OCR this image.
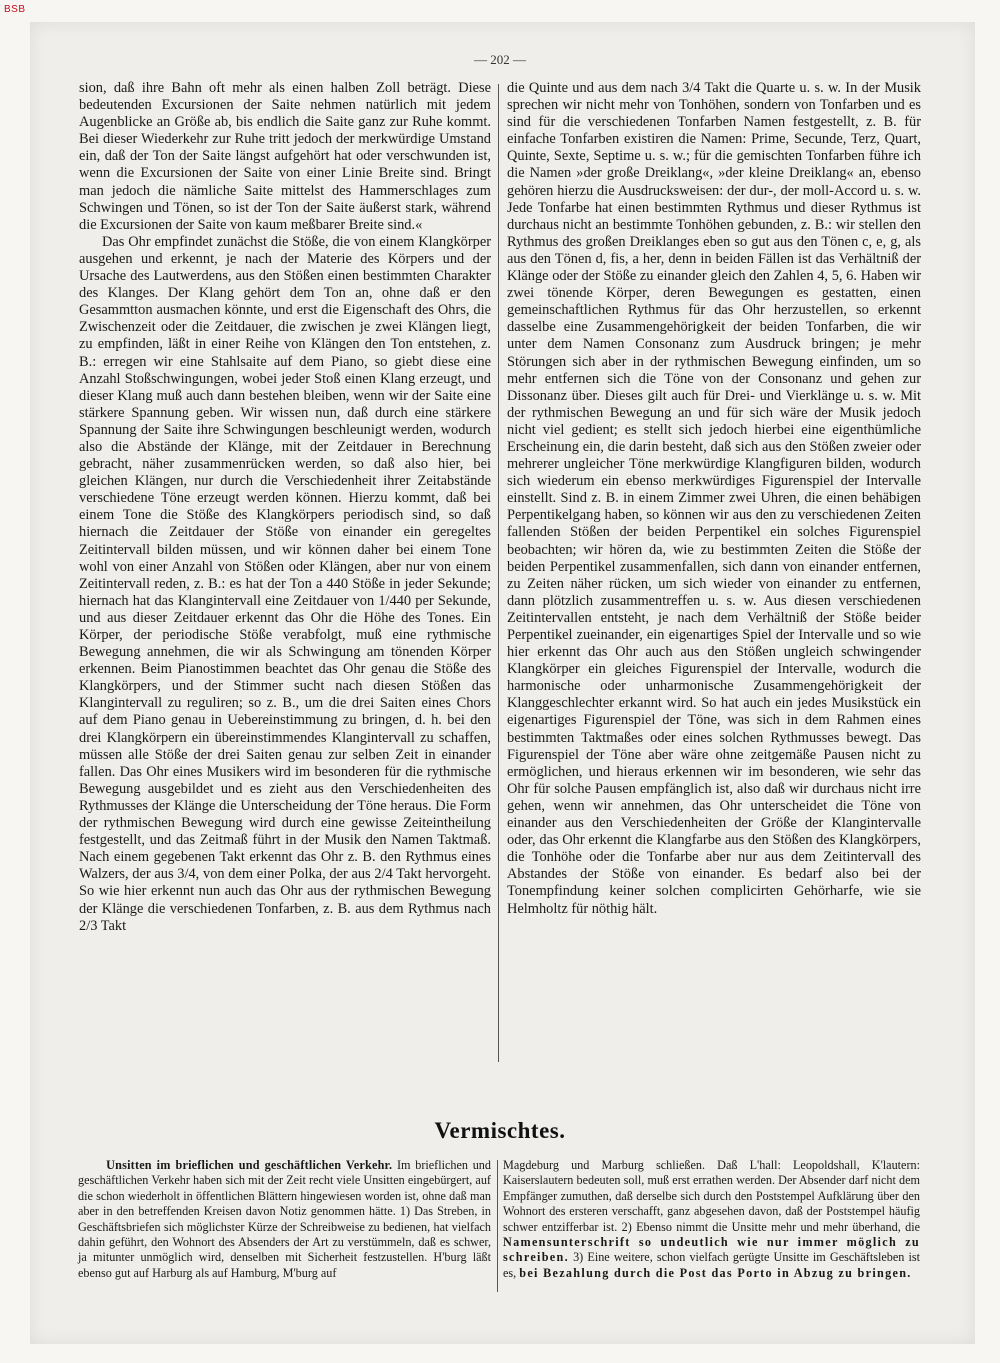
BSB
— 202 —

sion, daß ihre Bahn oft mehr als einen halben Zoll beträgt. Diese bedeutenden Excursionen der Saite nehmen natürlich mit jedem Augenblicke an Größe ab, bis endlich die Saite ganz zur Ruhe kommt. Bei dieser Wiederkehr zur Ruhe tritt jedoch der merkwürdige Umstand ein, daß der Ton der Saite längst aufgehört hat oder verschwunden ist, wenn die Excursionen der Saite von einer Linie Breite sind. Bringt man jedoch die nämliche Saite mittelst des Hammerschlages zum Schwingen und Tönen, so ist der Ton der Saite äußerst stark, während die Excursionen der Saite von kaum meßbarer Breite sind.«

Das Ohr empfindet zunächst die Stöße, die von einem Klangkörper ausgehen und erkennt, je nach der Materie des Körpers und der Ursache des Lautwerdens, aus den Stößen einen bestimmten Charakter des Klanges. Der Klang gehört dem Ton an, ohne daß er den Gesammtton ausmachen könnte, und erst die Eigenschaft des Ohrs, die Zwischenzeit oder die Zeitdauer, die zwischen je zwei Klängen liegt, zu empfinden, läßt in einer Reihe von Klängen den Ton entstehen, z. B.: erregen wir eine Stahlsaite auf dem Piano, so giebt diese eine Anzahl Stoßschwingungen, wobei jeder Stoß einen Klang erzeugt, und dieser Klang muß auch dann bestehen bleiben, wenn wir der Saite eine stärkere Spannung geben. Wir wissen nun, daß durch eine stärkere Spannung der Saite ihre Schwingungen beschleunigt werden, wodurch also die Abstände der Klänge, mit der Zeitdauer in Berechnung gebracht, näher zusammenrücken werden, so daß also hier, bei gleichen Klängen, nur durch die Verschiedenheit ihrer Zeitabstände verschiedene Töne erzeugt werden können. Hierzu kommt, daß bei einem Tone die Stöße des Klangkörpers periodisch sind, so daß hiernach die Zeitdauer der Stöße von einander ein geregeltes Zeitintervall bilden müssen, und wir können daher bei einem Tone wohl von einer Anzahl von Stößen oder Klängen, aber nur von einem Zeitintervall reden, z. B.: es hat der Ton a 440 Stöße in jeder Sekunde; hiernach hat das Klangintervall eine Zeitdauer von 1/440 per Sekunde, und aus dieser Zeitdauer erkennt das Ohr die Höhe des Tones. Ein Körper, der periodische Stöße verabfolgt, muß eine rythmische Bewegung annehmen, die wir als Schwingung am tönenden Körper erkennen. Beim Pianostimmen beachtet das Ohr genau die Stöße des Klangkörpers, und der Stimmer sucht nach diesen Stößen das Klangintervall zu reguliren; so z. B., um die drei Saiten eines Chors auf dem Piano genau in Uebereinstimmung zu bringen, d. h. bei den drei Klangkörpern ein übereinstimmendes Klangintervall zu schaffen, müssen alle Stöße der drei Saiten genau zur selben Zeit in einander fallen. Das Ohr eines Musikers wird im besonderen für die rythmische Bewegung ausgebildet und es zieht aus den Verschiedenheiten des Rythmusses der Klänge die Unterscheidung der Töne heraus. Die Form der rythmischen Bewegung wird durch eine gewisse Zeiteintheilung festgestellt, und das Zeitmaß führt in der Musik den Namen Taktmaß. Nach einem gegebenen Takt erkennt das Ohr z. B. den Rythmus eines Walzers, der aus 3/4, von dem einer Polka, der aus 2/4 Takt hervorgeht. So wie hier erkennt nun auch das Ohr aus der rythmischen Bewegung der Klänge die verschiedenen Tonfarben, z. B. aus dem Rythmus nach 2/3 Takt

die Quinte und aus dem nach 3/4 Takt die Quarte u. s. w. In der Musik sprechen wir nicht mehr von Tonhöhen, sondern von Tonfarben und es sind für die verschiedenen Tonfarben Namen festgestellt, z. B. für einfache Tonfarben existiren die Namen: Prime, Secunde, Terz, Quart, Quinte, Sexte, Septime u. s. w.; für die gemischten Tonfarben führe ich die Namen »der große Dreiklang«, »der kleine Dreiklang« an, ebenso gehören hierzu die Ausdrucksweisen: der dur-, der moll-Accord u. s. w. Jede Tonfarbe hat einen bestimmten Rythmus und dieser Rythmus ist durchaus nicht an bestimmte Tonhöhen gebunden, z. B.: wir stellen den Rythmus des großen Dreiklanges eben so gut aus den Tönen c, e, g, als aus den Tönen d, fis, a her, denn in beiden Fällen ist das Verhältniß der Klänge oder der Stöße zu einander gleich den Zahlen 4, 5, 6. Haben wir zwei tönende Körper, deren Bewegungen es gestatten, einen gemeinschaftlichen Rythmus für das Ohr herzustellen, so erkennt dasselbe eine Zusammengehörigkeit der beiden Tonfarben, die wir unter dem Namen Consonanz zum Ausdruck bringen; je mehr Störungen sich aber in der rythmischen Bewegung einfinden, um so mehr entfernen sich die Töne von der Consonanz und gehen zur Dissonanz über. Dieses gilt auch für Drei- und Vierklänge u. s. w. Mit der rythmischen Bewegung an und für sich wäre der Musik jedoch nicht viel gedient; es stellt sich jedoch hierbei eine eigenthümliche Erscheinung ein, die darin besteht, daß sich aus den Stößen zweier oder mehrerer ungleicher Töne merkwürdige Klangfiguren bilden, wodurch sich wiederum ein ebenso merkwürdiges Figurenspiel der Intervalle einstellt. Sind z. B. in einem Zimmer zwei Uhren, die einen behäbigen Perpentikelgang haben, so können wir aus den zu verschiedenen Zeiten fallenden Stößen der beiden Perpentikel ein solches Figurenspiel beobachten; wir hören da, wie zu bestimmten Zeiten die Stöße der beiden Perpentikel zusammenfallen, sich dann von einander entfernen, zu Zeiten näher rücken, um sich wieder von einander zu entfernen, dann plötzlich zusammentreffen u. s. w. Aus diesen verschiedenen Zeitintervallen entsteht, je nach dem Verhältniß der Stöße beider Perpentikel zueinander, ein eigenartiges Spiel der Intervalle und so wie hier erkennt das Ohr auch aus den Stößen ungleich schwingender Klangkörper ein gleiches Figurenspiel der Intervalle, wodurch die harmonische oder unharmonische Zusammengehörigkeit der Klanggeschlechter erkannt wird. So hat auch ein jedes Musikstück ein eigenartiges Figurenspiel der Töne, was sich in dem Rahmen eines bestimmten Taktmaßes oder eines solchen Rythmusses bewegt. Das Figurenspiel der Töne aber wäre ohne zeitgemäße Pausen nicht zu ermöglichen, und hieraus erkennen wir im besonderen, wie sehr das Ohr für solche Pausen empfänglich ist, also daß wir durchaus nicht irre gehen, wenn wir annehmen, das Ohr unterscheidet die Töne von einander aus den Verschiedenheiten der Größe der Klangintervalle oder, das Ohr erkennt die Klangfarbe aus den Stößen des Klangkörpers, die Tonhöhe oder die Tonfarbe aber nur aus dem Zeitintervall des Abstandes der Stöße von einander. Es bedarf also bei der Tonempfindung keiner solchen complicirten Gehörharfe, wie sie Helmholtz für nöthig hält.

Vermischtes.

Unsitten im brieflichen und geschäftlichen Verkehr. Im brieflichen und geschäftlichen Verkehr haben sich mit der Zeit recht viele Unsitten eingebürgert, auf die schon wiederholt in öffentlichen Blättern hingewiesen worden ist, ohne daß man aber in den betreffenden Kreisen davon Notiz genommen hätte. 1) Das Streben, in Geschäftsbriefen sich möglichster Kürze der Schreibweise zu bedienen, hat vielfach dahin geführt, den Wohnort des Absenders der Art zu verstümmeln, daß es schwer, ja mitunter unmöglich wird, denselben mit Sicherheit festzustellen. H'burg läßt ebenso gut auf Harburg als auf Hamburg, M'burg auf

Magdeburg und Marburg schließen. Daß L'hall: Leopoldshall, K'lautern: Kaiserslautern bedeuten soll, muß erst errathen werden. Der Absender darf nicht dem Empfänger zumuthen, daß derselbe sich durch den Poststempel Aufklärung über den Wohnort des ersteren verschafft, ganz abgesehen davon, daß der Poststempel häufig schwer entzifferbar ist. 2) Ebenso nimmt die Unsitte mehr und mehr überhand, die Namensunterschrift so undeutlich wie nur immer möglich zu schreiben. 3) Eine weitere, schon vielfach gerügte Unsitte im Geschäftsleben ist es, bei Bezahlung durch die Post das Porto in Abzug zu bringen.
